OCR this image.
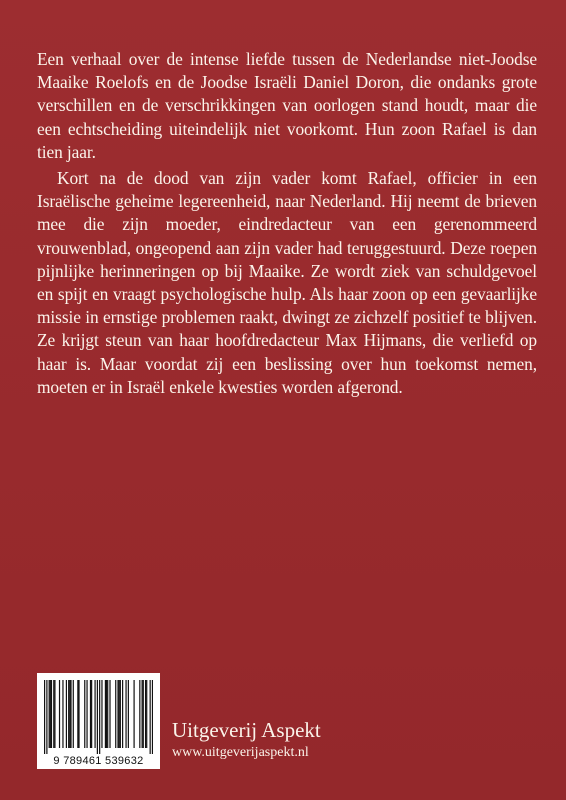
Een verhaal over de intense liefde tussen de Nederlandse niet-Joodse Maaike Roelofs en de Joodse Israëli Daniel Doron, die ondanks grote verschillen en de verschrikkingen van oorlogen stand houdt, maar die een echtscheiding uiteindelijk niet voorkomt. Hun zoon Rafael is dan tien jaar.

Kort na de dood van zijn vader komt Rafael, officier in een Israëlische geheime legereenheid, naar Nederland. Hij neemt de brieven mee die zijn moeder, eindredacteur van een gerenommeerd vrouwenblad, ongeopend aan zijn vader had teruggestuurd. Deze roepen pijnlijke herinneringen op bij Maaike. Ze wordt ziek van schuldgevoel en spijt en vraagt psychologische hulp. Als haar zoon op een gevaarlijke missie in ernstige problemen raakt, dwingt ze zichzelf positief te blijven. Ze krijgt steun van haar hoofdredacteur Max Hijmans, die verliefd op haar is. Maar voordat zij een beslissing over hun toekomst nemen, moeten er in Israël enkele kwesties worden afgerond.

9 789461 539632
Uitgeverij Aspekt
www.uitgeverijaspekt.nl
